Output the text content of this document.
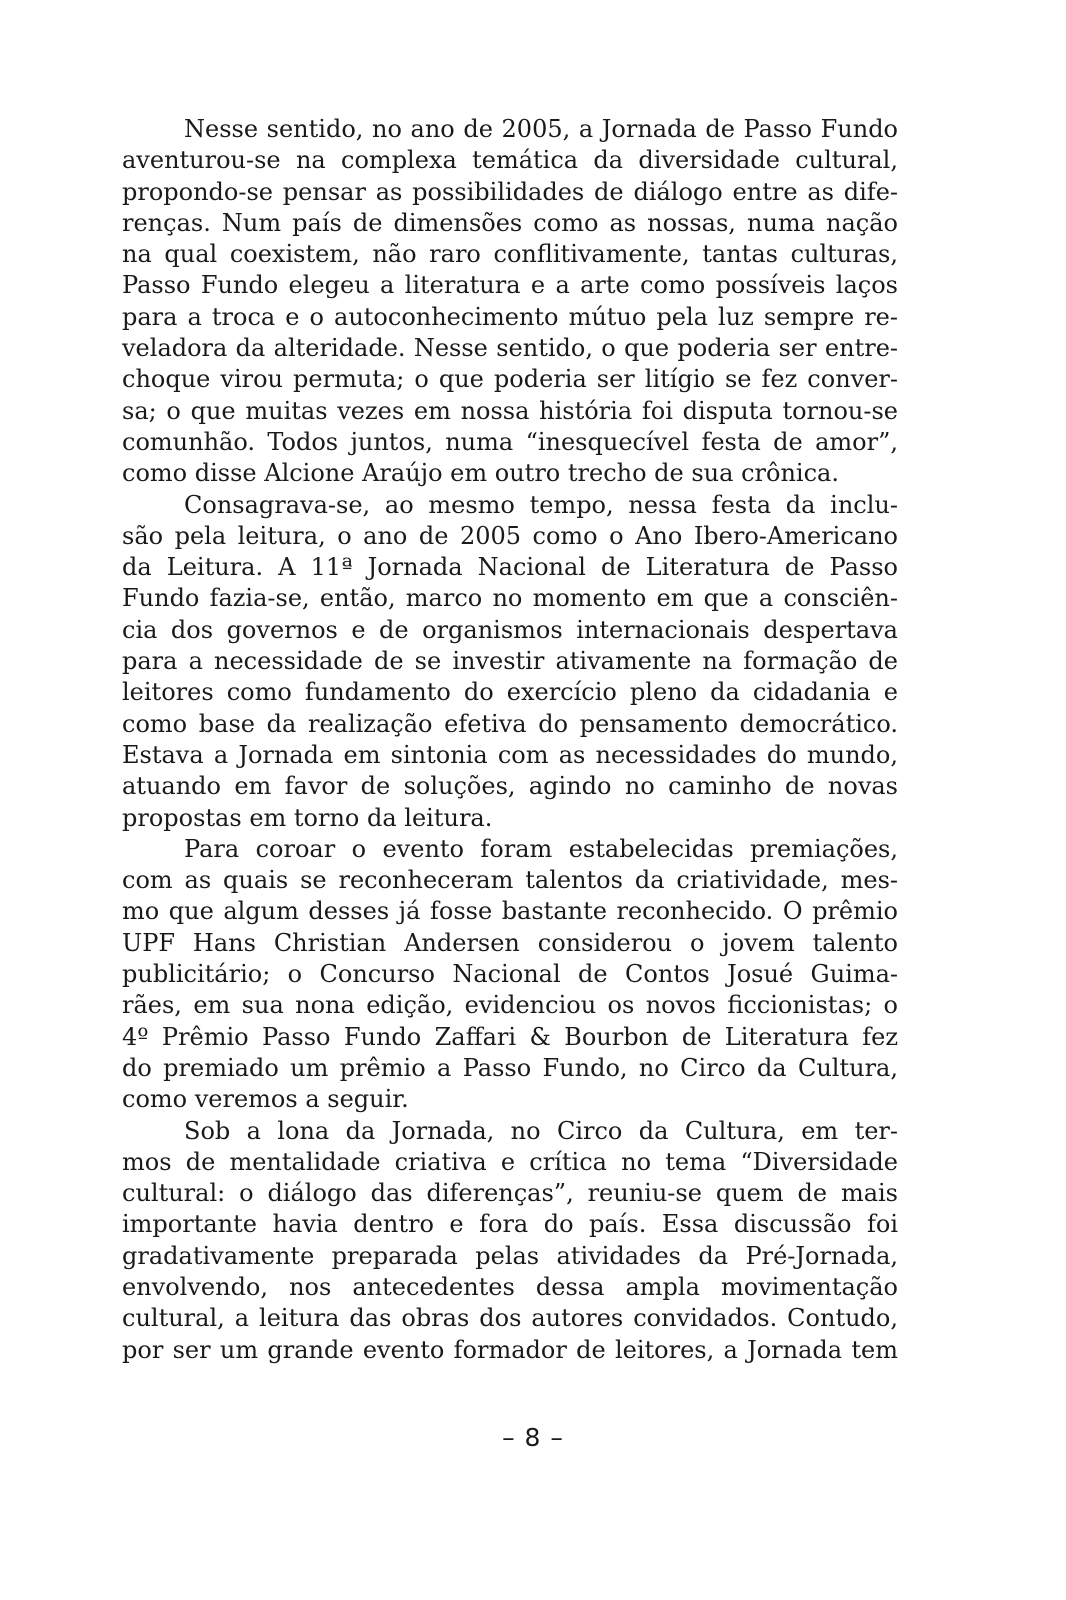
Nesse sentido, no ano de 2005, a Jornada de Passo Fundo
aventurou-se na complexa temática da diversidade cultural,
propondo-se pensar as possibilidades de diálogo entre as dife-
renças. Num país de dimensões como as nossas, numa nação
na qual coexistem, não raro conflitivamente, tantas culturas,
Passo Fundo elegeu a literatura e a arte como possíveis laços
para a troca e o autoconhecimento mútuo pela luz sempre re-
veladora da alteridade. Nesse sentido, o que poderia ser entre-
choque virou permuta; o que poderia ser litígio se fez conver-
sa; o que muitas vezes em nossa história foi disputa tornou-se
comunhão. Todos juntos, numa “inesquecível festa de amor”,
como disse Alcione Araújo em outro trecho de sua crônica.
Consagrava-se, ao mesmo tempo, nessa festa da inclu-
são pela leitura, o ano de 2005 como o Ano Ibero-Americano
da Leitura. A 11ª Jornada Nacional de Literatura de Passo
Fundo fazia-se, então, marco no momento em que a consciên-
cia dos governos e de organismos internacionais despertava
para a necessidade de se investir ativamente na formação de
leitores como fundamento do exercício pleno da cidadania e
como base da realização efetiva do pensamento democrático.
Estava a Jornada em sintonia com as necessidades do mundo,
atuando em favor de soluções, agindo no caminho de novas
propostas em torno da leitura.
Para coroar o evento foram estabelecidas premiações,
com as quais se reconheceram talentos da criatividade, mes-
mo que algum desses já fosse bastante reconhecido. O prêmio
UPF Hans Christian Andersen considerou o jovem talento
publicitário; o Concurso Nacional de Contos Josué Guima-
rães, em sua nona edição, evidenciou os novos ficcionistas; o
4º Prêmio Passo Fundo Zaffari & Bourbon de Literatura fez
do premiado um prêmio a Passo Fundo, no Circo da Cultura,
como veremos a seguir.
Sob a lona da Jornada, no Circo da Cultura, em ter-
mos de mentalidade criativa e crítica no tema “Diversidade
cultural: o diálogo das diferenças”, reuniu-se quem de mais
importante havia dentro e fora do país. Essa discussão foi
gradativamente preparada pelas atividades da Pré-Jornada,
envolvendo, nos antecedentes dessa ampla movimentação
cultural, a leitura das obras dos autores convidados. Contudo,
por ser um grande evento formador de leitores, a Jornada tem
– 8 –
